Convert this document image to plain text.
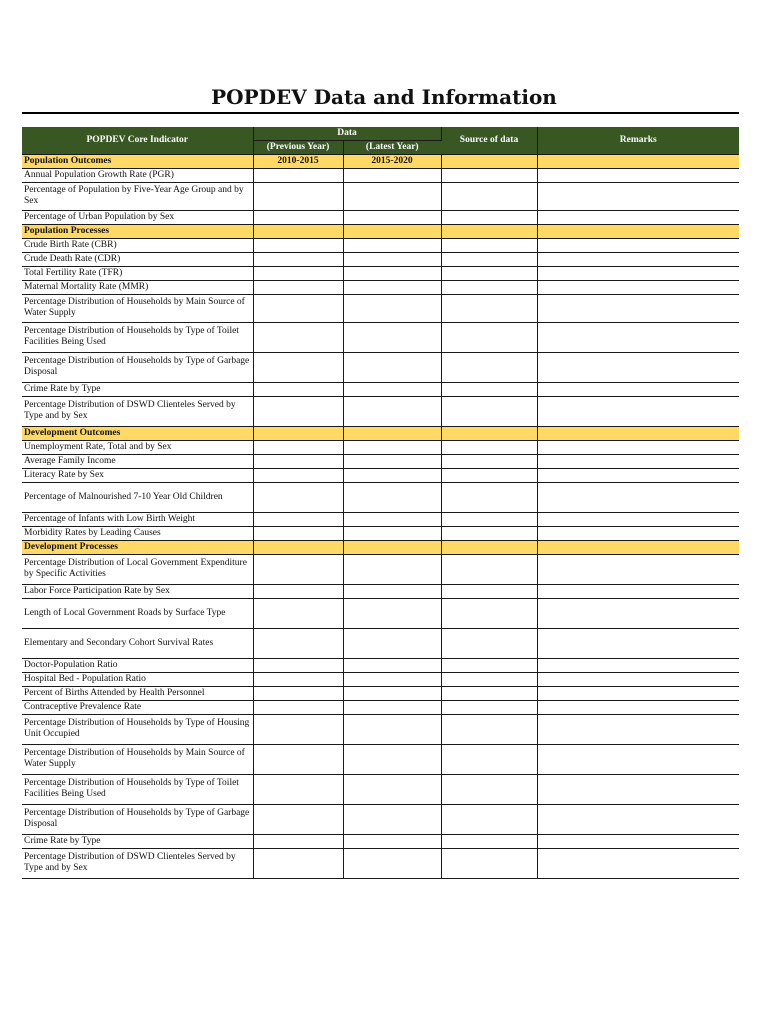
POPDEV Data and Information
POPDEV Core Indicator	Data		Source of data	Remarks
	(Previous Year)	(Latest Year)		
Population Outcomes	2010-2015	2015-2020		
Annual Population Growth Rate (PGR)				
Percentage of Population by Five-Year Age Group and by Sex				
Percentage of Urban Population by Sex				
Population Processes				
Crude Birth Rate (CBR)				
Crude Death Rate (CDR)				
Total Fertility Rate (TFR)				
Maternal Mortality Rate (MMR)				
Percentage Distribution of Households by Main Source of Water Supply				
Percentage Distribution of Households by Type of Toilet Facilities Being Used				
Percentage Distribution of Households by Type of Garbage Disposal				
Crime Rate by Type				
Percentage Distribution of DSWD Clienteles Served by Type and by Sex				
Development Outcomes				
Unemployment Rate, Total and by Sex				
Average Family Income				
Literacy Rate by Sex				
Percentage of Malnourished 7-10 Year Old Children				
Percentage of Infants with Low Birth Weight				
Morbidity Rates by Leading Causes				
Development Processes				
Percentage Distribution of Local Government Expenditure by Specific Activities				
Labor Force Participation Rate by Sex				
Length of Local Government Roads by Surface Type				
Elementary and Secondary Cohort Survival Rates				
Doctor-Population Ratio				
Hospital Bed - Population Ratio				
Percent of Births Attended by Health Personnel				
Contraceptive Prevalence Rate				
Percentage Distribution of Households by Type of Housing Unit Occupied				
Percentage Distribution of Households by Main Source of Water Supply				
Percentage Distribution of Households by Type of Toilet Facilities Being Used				
Percentage Distribution of Households by Type of Garbage Disposal				
Crime Rate by Type				
Percentage Distribution of DSWD Clienteles Served by Type and by Sex				
